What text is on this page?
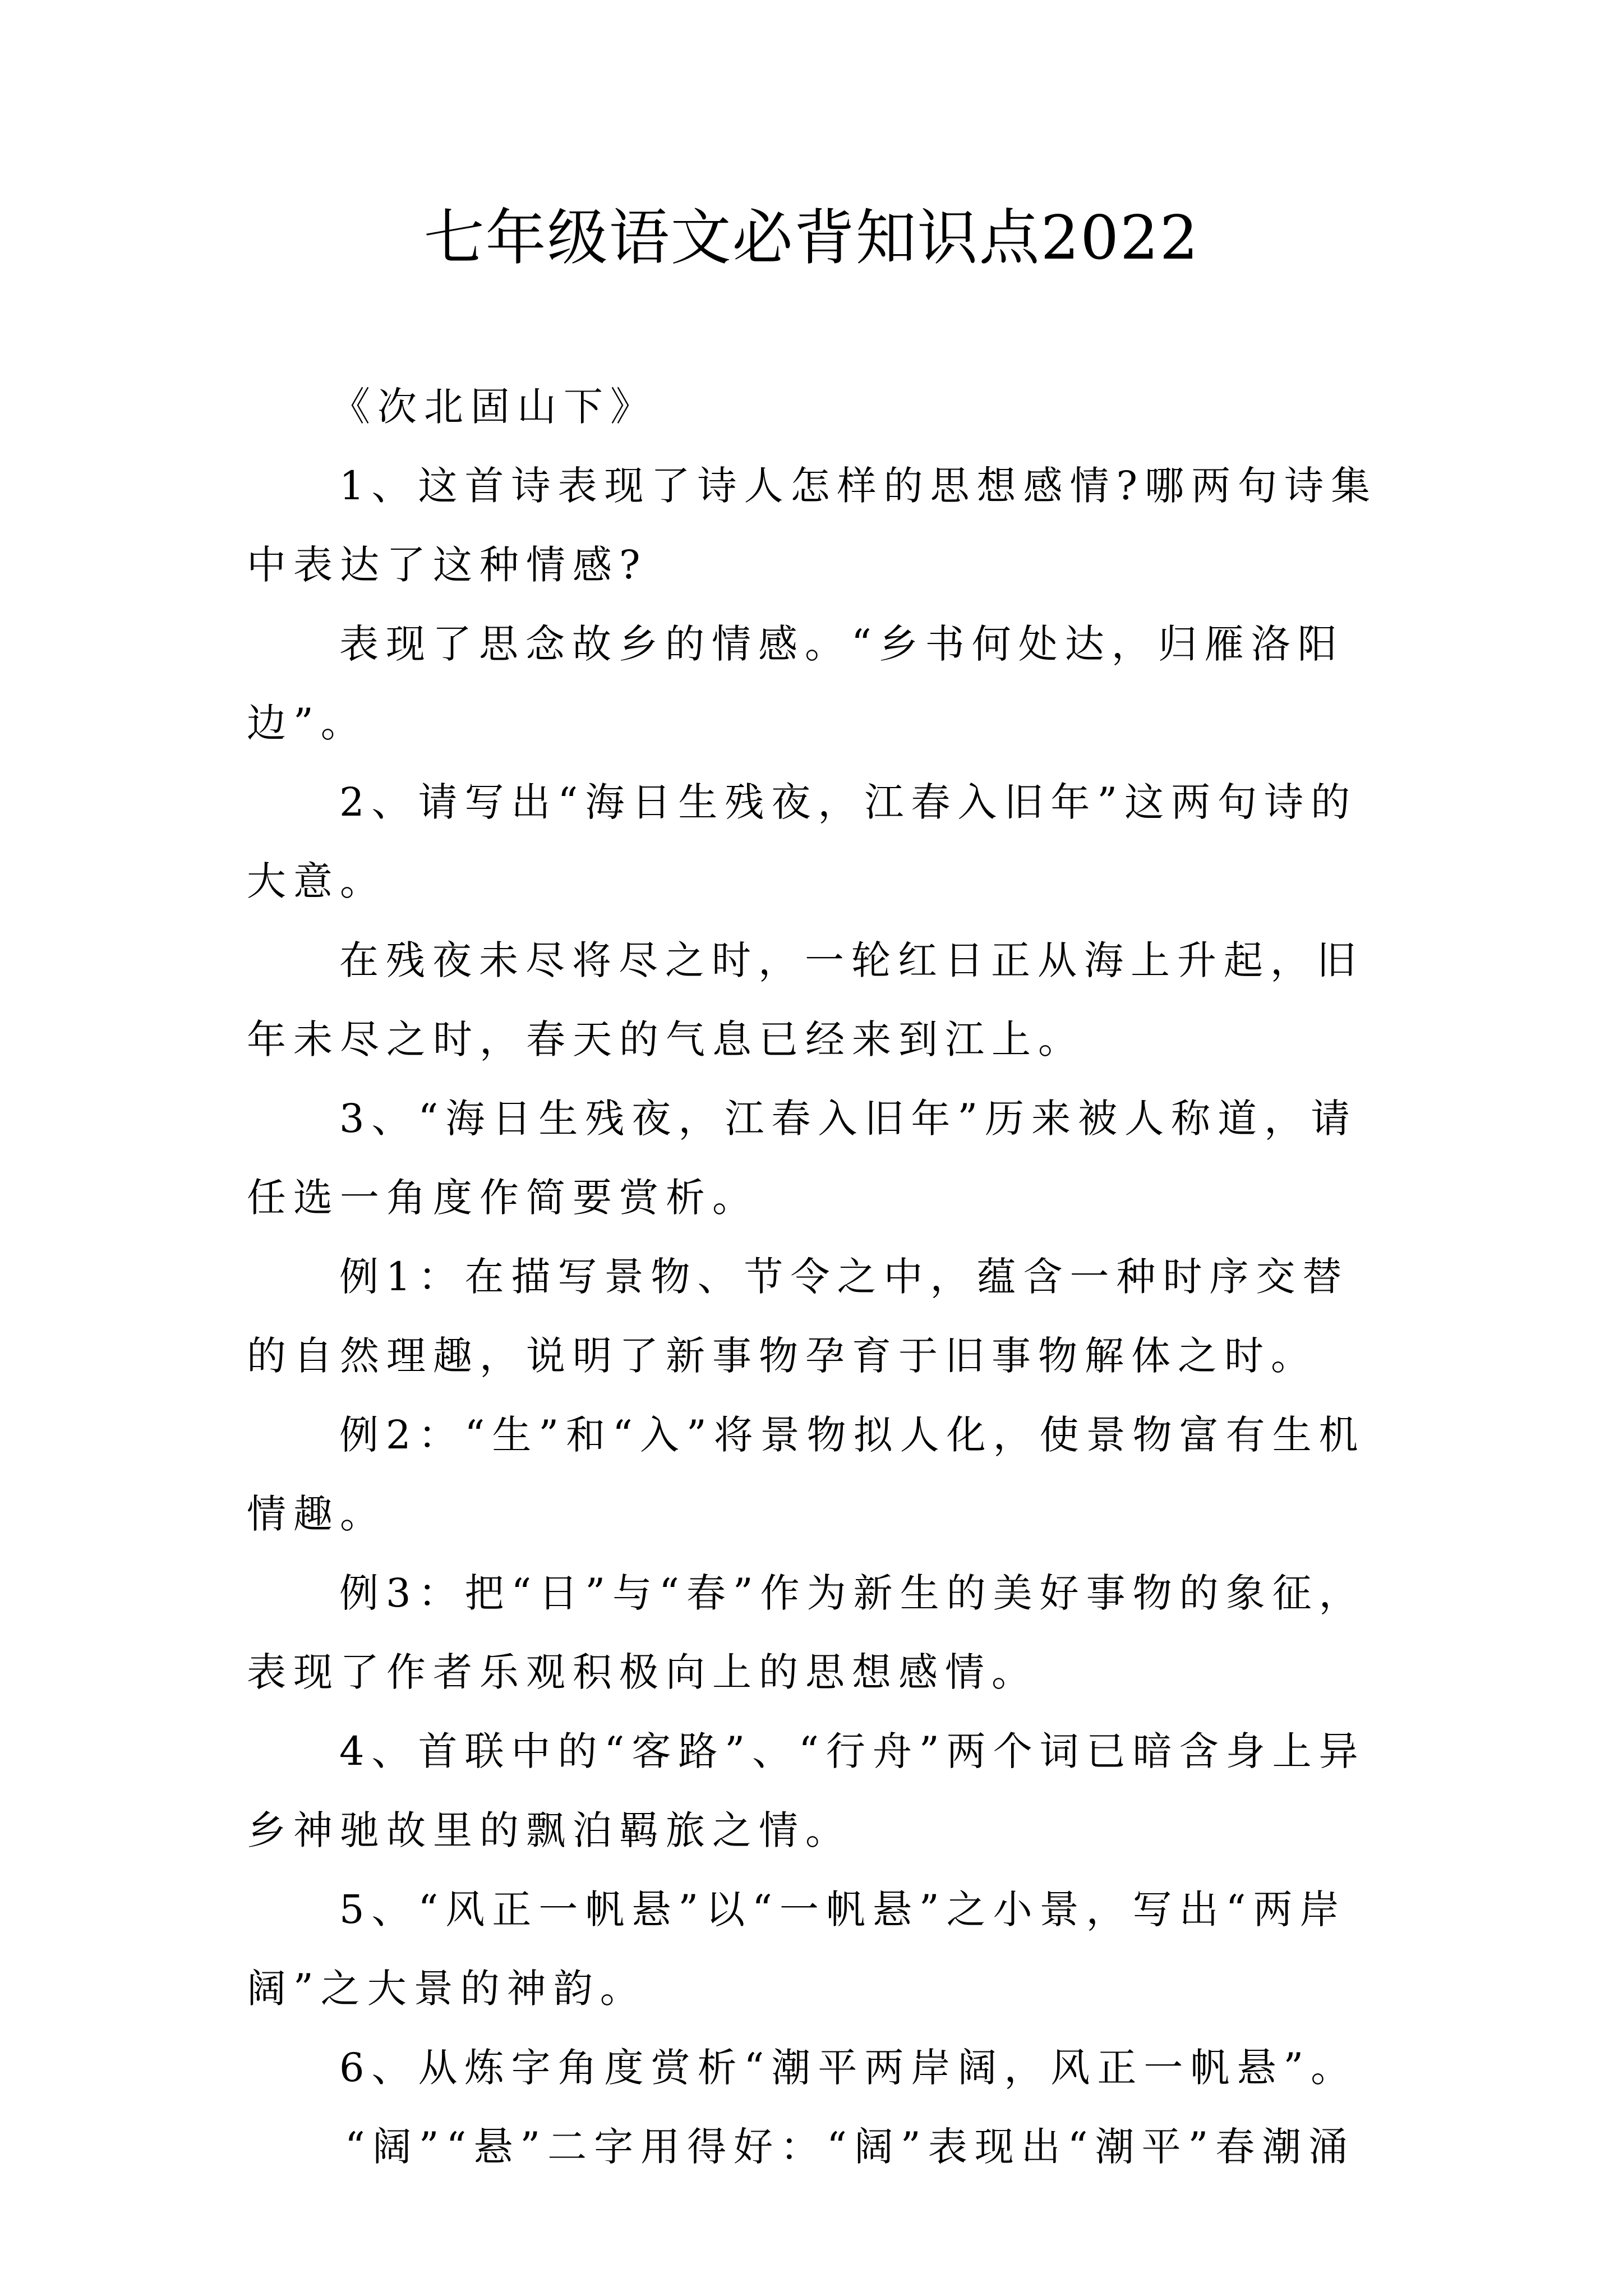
七年级语文必背知识点2022

《次北固山下》

1、这首诗表现了诗人怎样的思想感情?哪两句诗集中表达了这种情感?

表现了思念故乡的情感。“乡书何处达，归雁洛阳边”。

2、请写出“海日生残夜，江春入旧年”这两句诗的大意。

在残夜未尽将尽之时，一轮红日正从海上升起，旧年未尽之时，春天的气息已经来到江上。

3、“海日生残夜，江春入旧年”历来被人称道，请任选一角度作简要赏析。

例1：在描写景物、节令之中，蕴含一种时序交替的自然理趣，说明了新事物孕育于旧事物解体之时。

例2：“生”和“入”将景物拟人化，使景物富有生机情趣。

例3：把“日”与“春”作为新生的美好事物的象征，表现了作者乐观积极向上的思想感情。

4、首联中的“客路”、“行舟”两个词已暗含身上异乡神驰故里的飘泊羁旅之情。

5、“风正一帆悬”以“一帆悬”之小景，写出“两岸阔”之大景的神韵。

6、从炼字角度赏析“潮平两岸阔，风正一帆悬”。

“阔”“悬”二字用得好：“阔”表现出“潮平”春潮涌
